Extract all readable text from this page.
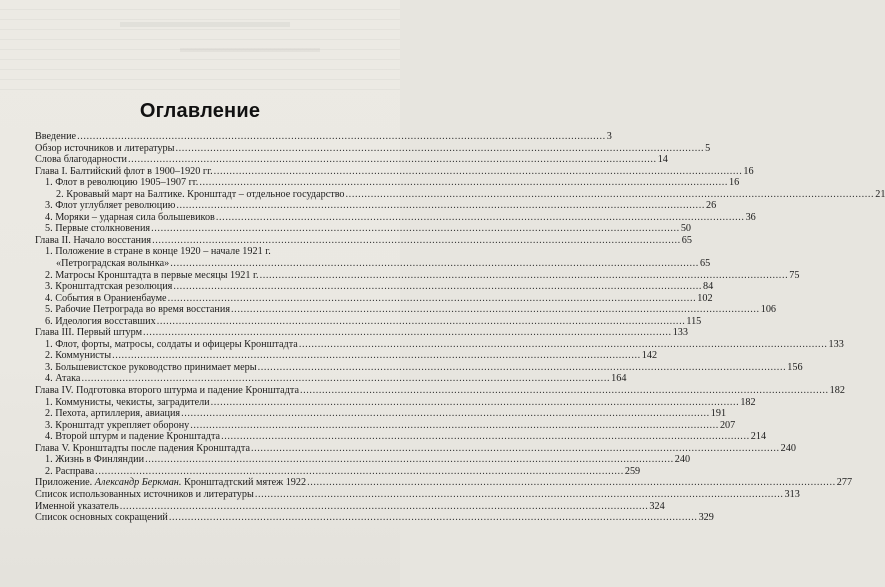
Оглавление
Введение .....	3
Обзор источников и литературы .....	5
Слова благодарности .....	14
Глава I. Балтийский флот в 1900–1920 гг. .....	16
1. Флот в революцию 1905–1907 гг. .....	16
2. Кровавый март на Балтике. Кронштадт – отдельное государство .....	21
3. Флот углубляет революцию .....	26
4. Моряки – ударная сила большевиков .....	36
5. Первые столкновения .....	50
Глава II. Начало восстания .....	65
1. Положение в стране в конце 1920 – начале 1921 г.
«Петроградская волынка» .....	65
2. Матросы Кронштадта в первые месяцы 1921 г. .....	75
3. Кронштадтская резолюция .....	84
4. События в Ораниенбауме .....	102
5. Рабочие Петрограда во время восстания .....	106
6. Идеология восставших .....	115
Глава III. Первый штурм .....	133
1. Флот, форты, матросы, солдаты и офицеры Кронштадта .....	133
2. Коммунисты .....	142
3. Большевистское руководство принимает меры .....	156
4. Атака .....	164
Глава IV. Подготовка второго штурма и падение Кронштадта .....	182
1. Коммунисты, чекисты, заградители .....	182
2. Пехота, артиллерия, авиация .....	191
3. Кронштадт укрепляет оборону .....	207
4. Второй штурм и падение Кронштадта .....	214
Глава V. Кронштадты после падения Кронштадта .....	240
1. Жизнь в Финляндии .....	240
2. Расправа .....	259
Приложение. Александр Беркман. Кронштадтский мятеж 1922 .....	277
Список использованных источников и литературы .....	313
Именной указатель .....	324
Список основных сокращений .....	329
